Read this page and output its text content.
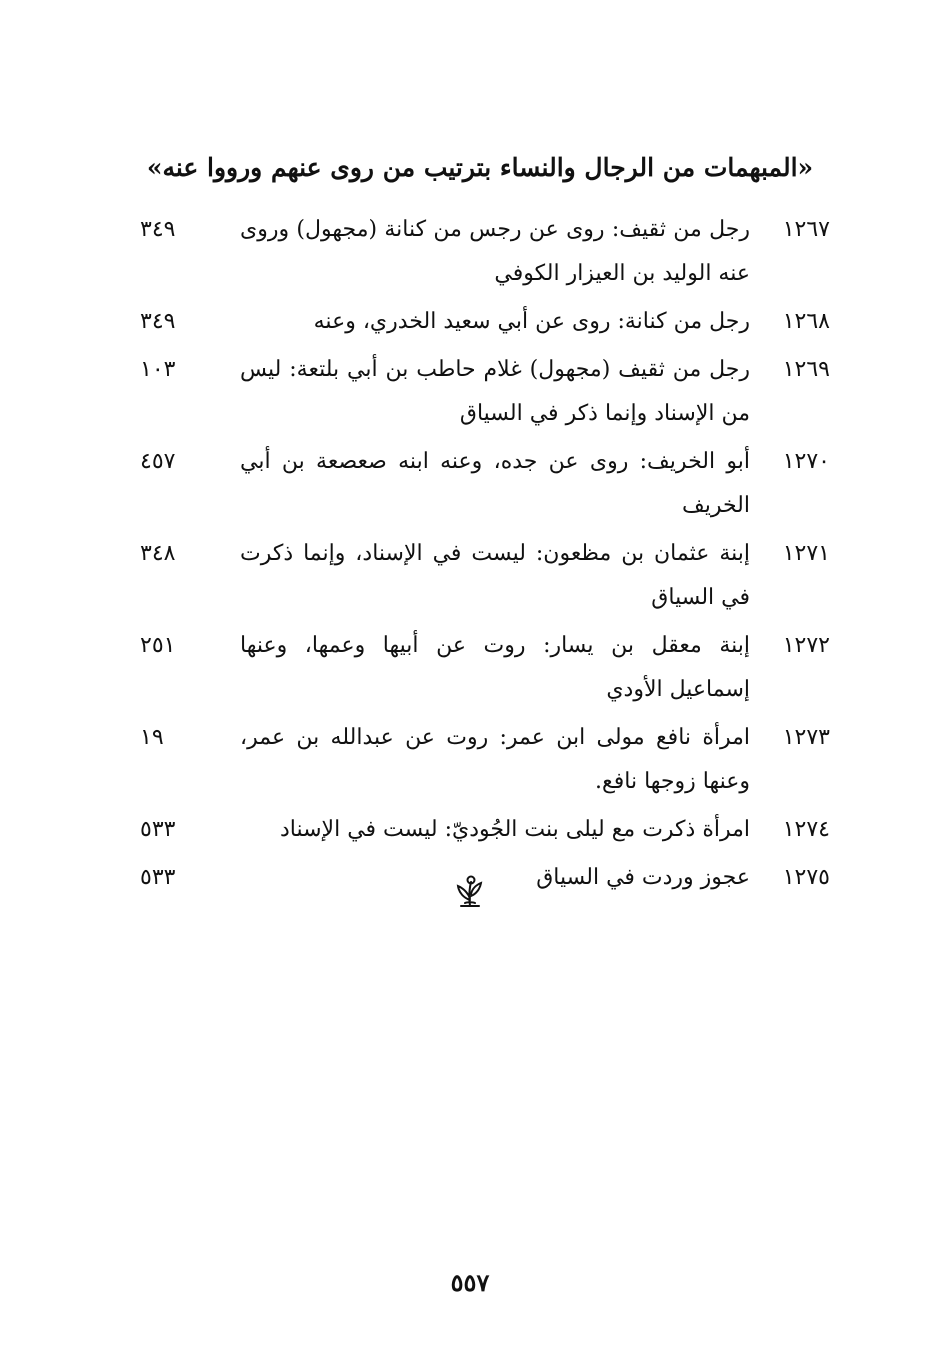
«المبهمات من الرجال والنساء بترتيب من روى عنهم ورووا عنه»
١٢٦٧
رجل من ثقيف: روى عن رجس من كنانة (مجهول) وروى عنه الوليد بن العيزار الكوفي
٣٤٩
١٢٦٨
رجل من كنانة: روى عن أبي سعيد الخدري، وعنه
٣٤٩
١٢٦٩
رجل من ثقيف (مجهول) غلام حاطب بن أبي بلتعة: ليس من الإسناد وإنما ذكر في السياق
١٠٣
١٢٧٠
أبو الخريف: روى عن جده، وعنه ابنه صعصعة بن أبي الخريف
٤٥٧
١٢٧١
إبنة عثمان بن مظعون: ليست في الإسناد، وإنما ذكرت في السياق
٣٤٨
١٢٧٢
إبنة معقل بن يسار: روت عن أبيها وعمها، وعنها إسماعيل الأودي
٢٥١
١٢٧٣
امرأة نافع مولى ابن عمر: روت عن عبدالله بن عمر، وعنها زوجها نافع.
١٩
١٢٧٤
امرأة ذكرت مع ليلى بنت الجُوديّ: ليست في الإسناد
٥٣٣
١٢٧٥
عجوز وردت في السياق
٥٣٣
٥٥٧
